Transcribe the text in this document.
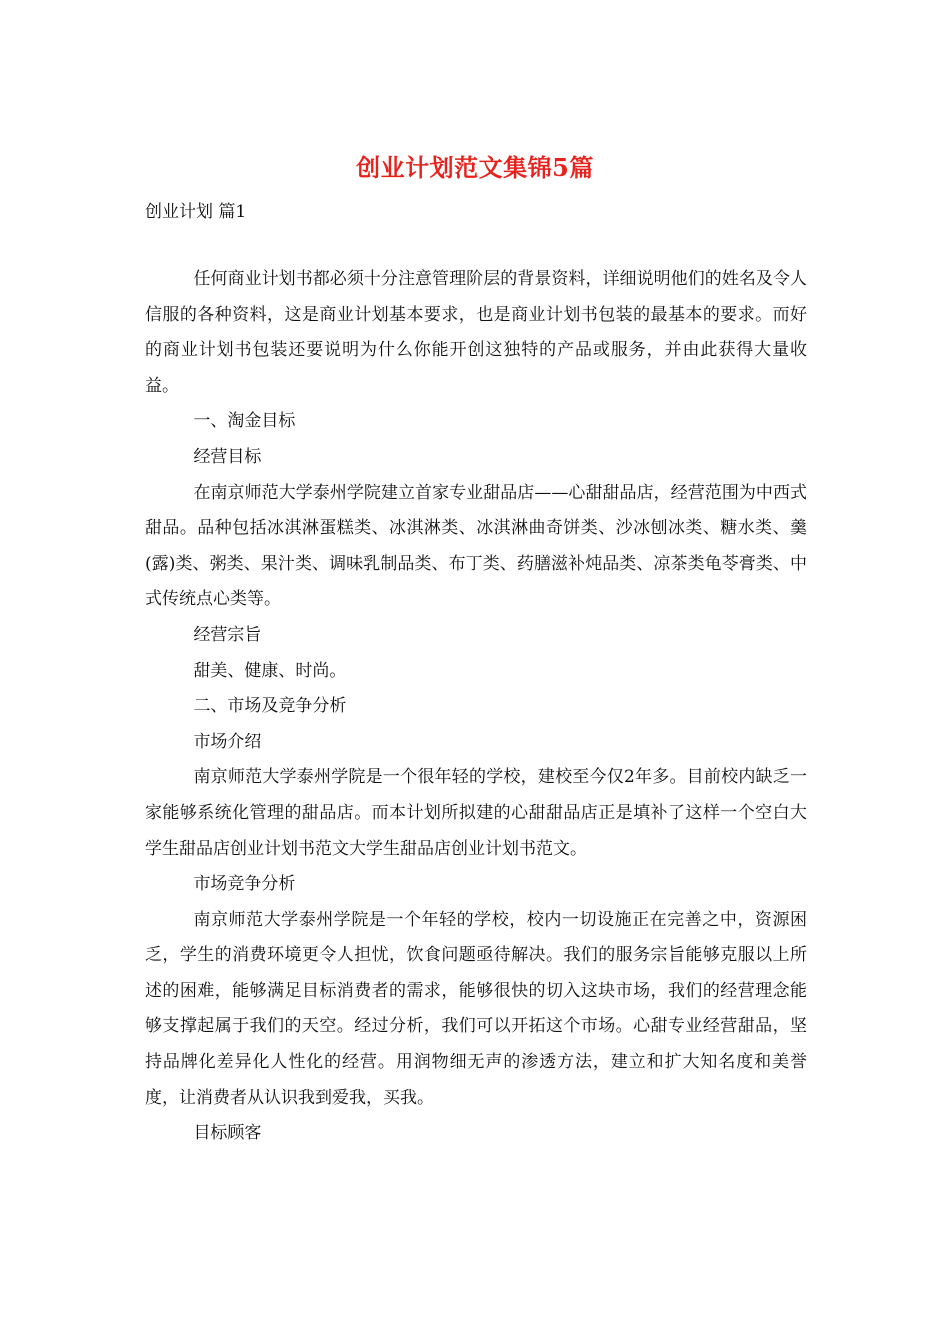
创业计划范文集锦5篇
创业计划 篇1

任何商业计划书都必须十分注意管理阶层的背景资料，详细说明他们的姓名及令人信服的各种资料，这是商业计划基本要求，也是商业计划书包装的最基本的要求。而好的商业计划书包装还要说明为什么你能开创这独特的产品或服务，并由此获得大量收益。

一、淘金目标

经营目标

在南京师范大学泰州学院建立首家专业甜品店——心甜甜品店，经营范围为中西式甜品。品种包括冰淇淋蛋糕类、冰淇淋类、冰淇淋曲奇饼类、沙冰刨冰类、糖水类、羹(露)类、粥类、果汁类、调味乳制品类、布丁类、药膳滋补炖品类、凉茶类龟苓膏类、中式传统点心类等。

经营宗旨

甜美、健康、时尚。

二、市场及竞争分析

市场介绍

南京师范大学泰州学院是一个很年轻的学校，建校至今仅2年多。目前校内缺乏一家能够系统化管理的甜品店。而本计划所拟建的心甜甜品店正是填补了这样一个空白大学生甜品店创业计划书范文大学生甜品店创业计划书范文。

市场竞争分析

南京师范大学泰州学院是一个年轻的学校，校内一切设施正在完善之中，资源困乏，学生的消费环境更令人担忧，饮食问题亟待解决。我们的服务宗旨能够克服以上所述的困难，能够满足目标消费者的需求，能够很快的切入这块市场，我们的经营理念能够支撑起属于我们的天空。经过分析，我们可以开拓这个市场。心甜专业经营甜品，坚持品牌化差异化人性化的经营。用润物细无声的渗透方法，建立和扩大知名度和美誉度，让消费者从认识我到爱我，买我。

目标顾客
